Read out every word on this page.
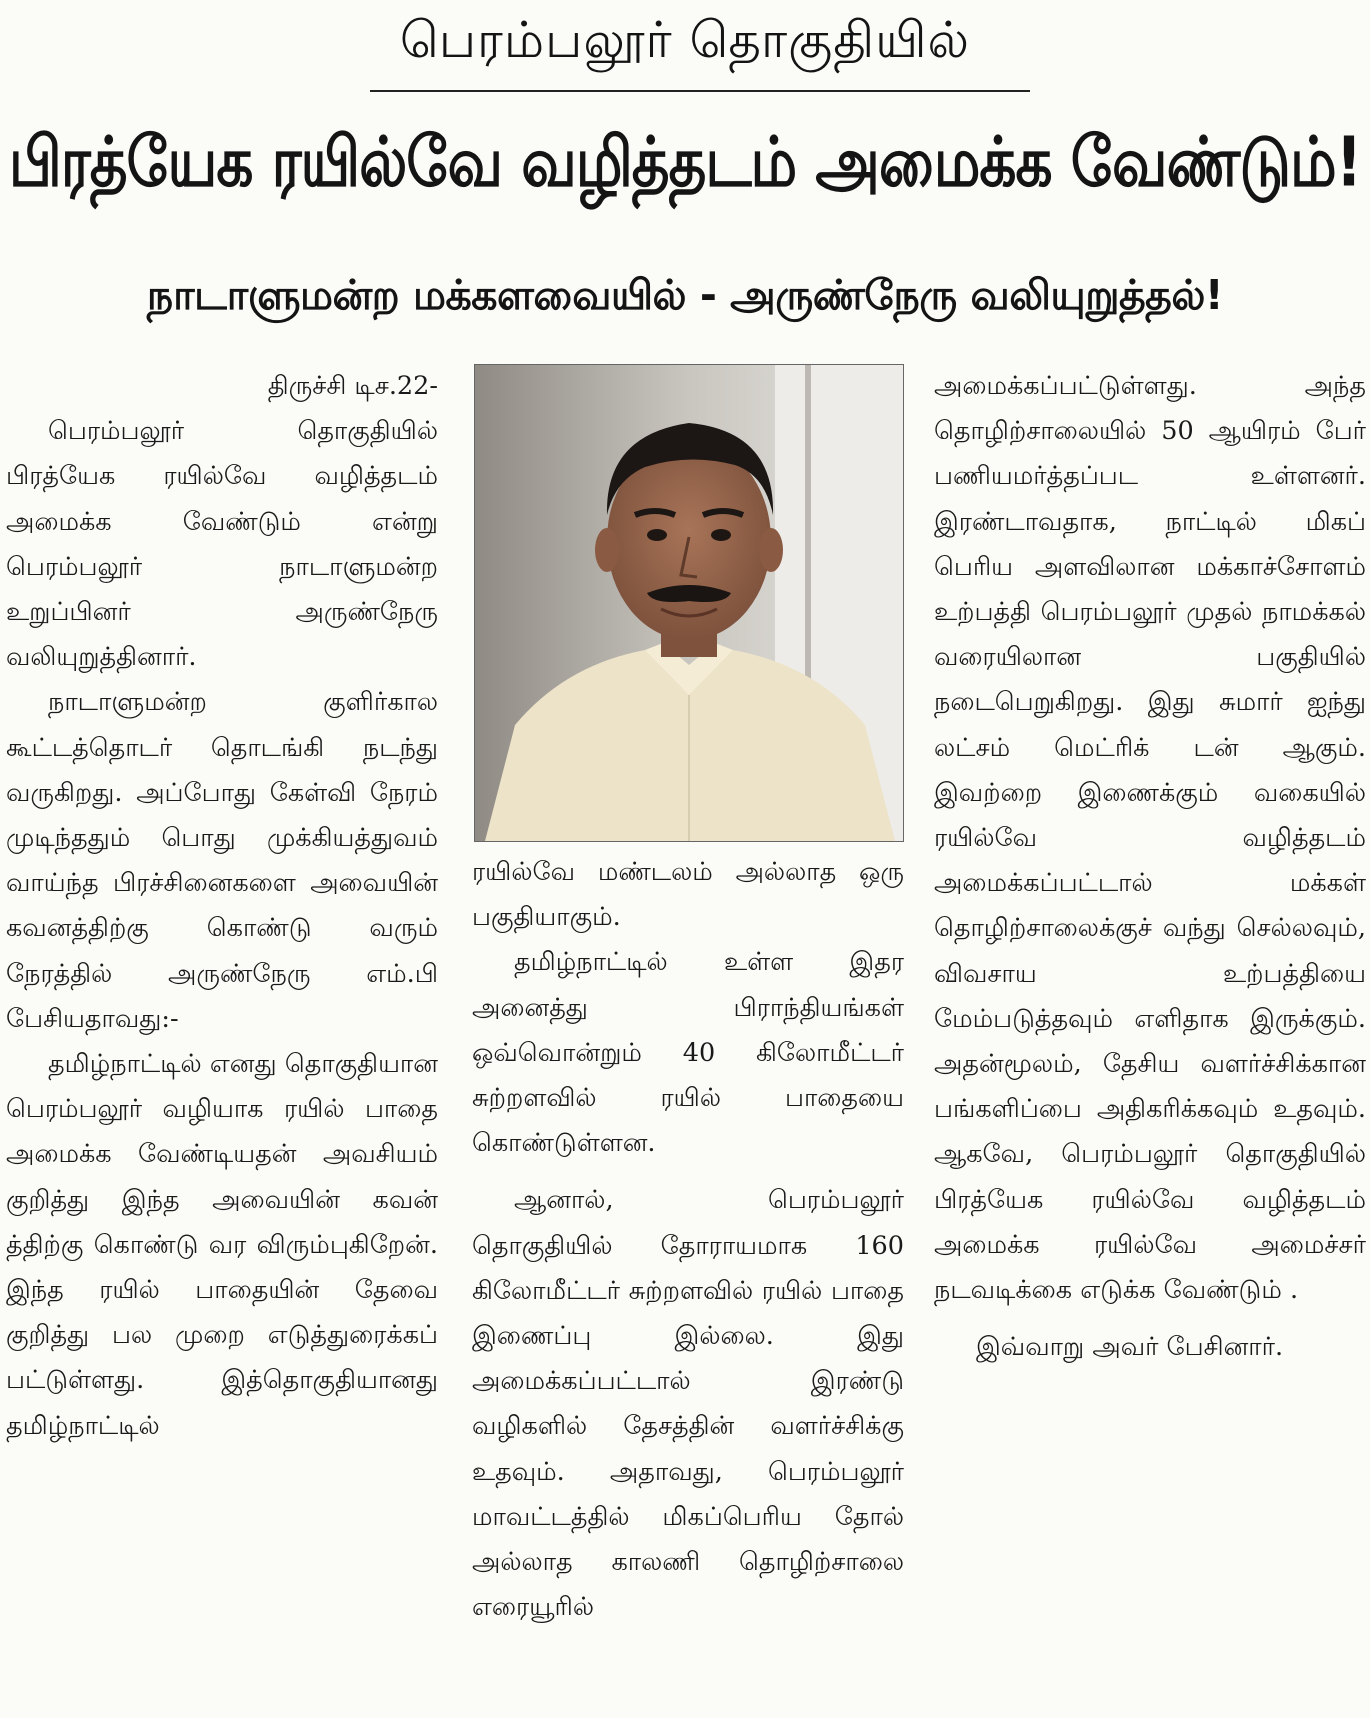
பெரம்பலூர் தொகுதியில்
பிரத்யேக ரயில்வே வழித்தடம் அமைக்க வேண்டும்!
நாடாளுமன்ற மக்களவையில் - அருண்நேரு வலியுறுத்தல்!

திருச்சி டிச.22-

பெரம்பலூர் தொகுதியில் பிரத்யேக ரயில்வே வழித்தடம் அமைக்க வேண்டும் என்று பெரம்பலூர் நாடாளுமன்ற உறுப்பினர் அருண்நேரு வலியுறுத்தினார்.

நாடாளுமன்ற குளிர்கால கூட்டத்தொடர் தொடங்கி நடந்து வருகிறது. அப்போது கேள்வி நேரம் முடிந்ததும் பொது முக்கியத்துவம் வாய்ந்த பிரச்சினைகளை அவையின் கவனத்திற்கு கொண்டு வரும் நேரத்தில் அருண்நேரு எம்.பி பேசியதாவது:-

தமிழ்நாட்டில் எனது தொகுதியான பெரம்பலூர் வழியாக ரயில் பாதை அமைக்க வேண்டியதன் அவசியம் குறித்து இந்த அவையின் கவன் த்திற்கு கொண்டு வர விரும்புகிறேன். இந்த ரயில் பாதையின் தேவை குறித்து பல முறை எடுத்துரைக்கப் பட்டுள்ளது. இத்தொகுதியானது தமிழ்நாட்டில்

ரயில்வே மண்டலம் அல்லாத ஒரு பகுதியாகும்.

தமிழ்நாட்டில் உள்ள இதர அனைத்து பிராந்தியங்கள் ஒவ்வொன்றும் 40 கிலோமீட்டர் சுற்றளவில் ரயில் பாதையை கொண்டுள்ளன.

ஆனால், பெரம்பலூர் தொகுதியில் தோராயமாக 160 கிலோமீட்டர் சுற்றளவில் ரயில் பாதை இணைப்பு இல்லை. இது அமைக்கப்பட்டால் இரண்டு வழிகளில் தேசத்தின் வளர்ச்சிக்கு உதவும். அதாவது, பெரம்பலூர் மாவட்டத்தில் மிகப்பெரிய தோல் அல்லாத காலணி தொழிற்சாலை எரையூரில்

அமைக்கப்பட்டுள்ளது. அந்த தொழிற்சாலையில் 50 ஆயிரம் பேர் பணியமர்த்தப்பட உள்ளனர். இரண்டாவதாக, நாட்டில் மிகப் பெரிய அளவிலான மக்காச்சோளம் உற்பத்தி பெரம்பலூர் முதல் நாமக்கல் வரையிலான பகுதியில் நடைபெறுகிறது. இது சுமார் ஐந்து லட்சம் மெட்ரிக் டன் ஆகும். இவற்றை இணைக்கும் வகையில் ரயில்வே வழித்தடம் அமைக்கப்பட்டால் மக்கள் தொழிற்சாலைக்குச் வந்து செல்லவும், விவசாய உற்பத்தியை மேம்படுத்தவும் எளிதாக இருக்கும். அதன்மூலம், தேசிய வளர்ச்சிக்கான பங்களிப்பை அதிகரிக்கவும் உதவும். ஆகவே, பெரம்பலூர் தொகுதியில் பிரத்யேக ரயில்வே வழித்தடம் அமைக்க ரயில்வே அமைச்சர் நடவடிக்கை எடுக்க வேண்டும் .

இவ்வாறு அவர் பேசினார்.
